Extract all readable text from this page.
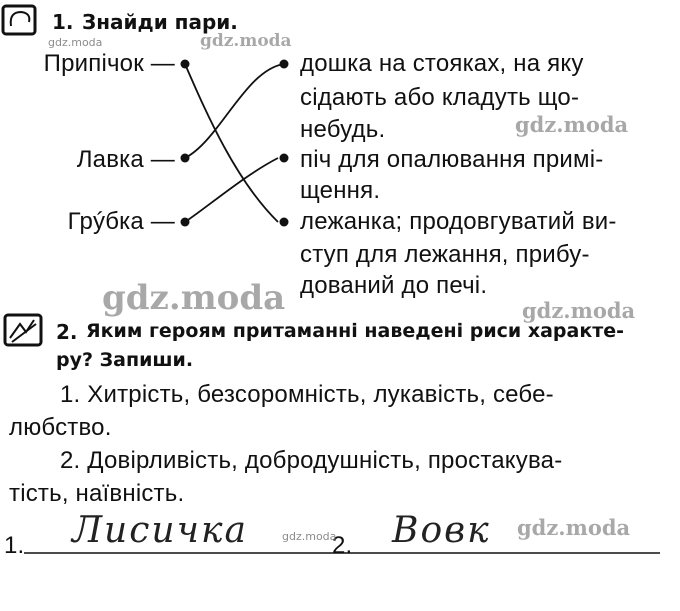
1. Знайди пари.
Припічок —
Лавка —
Грýбка —
дошка на стояках, на яку
сідають або кладуть що-
небудь.
піч для опалювання примі-
щення.
лежанка; продовгуватий ви-
ступ для лежання, прибу-
дований до печі.
2. Яким героям притаманні наведені риси характе-
ру? Запиши.
1. Хитрість, безсоромність, лукавість, себе-
любство.
2. Довірливість, добродушність, простакува-
тість, наївність.
1. Лисичка	2. Вовк
gdz.moda	gdz.moda
gdz.moda
gdz.moda	gdz.moda
gdz.moda
gdz.moda
